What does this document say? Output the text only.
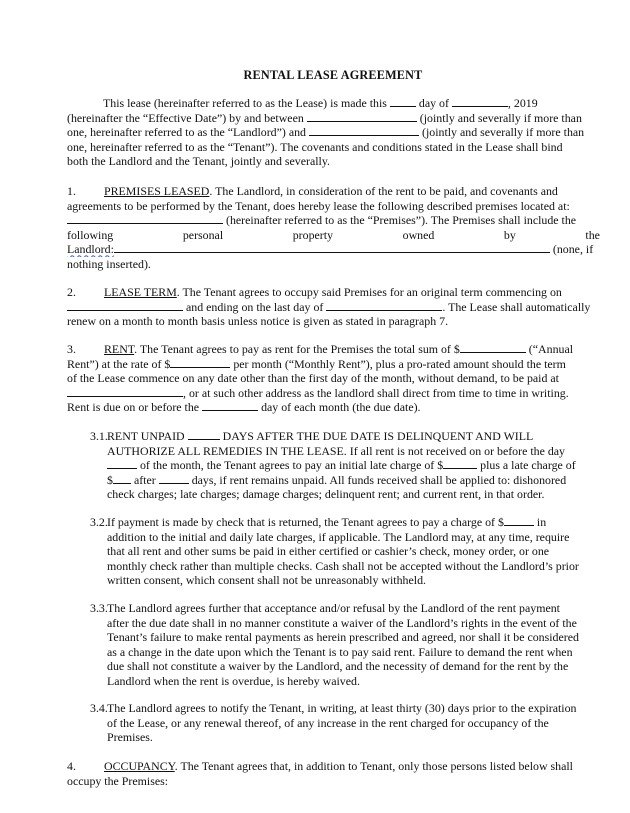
RENTAL LEASE AGREEMENT
This lease (hereinafter referred to as the Lease) is made this	day of	, 2019
(hereinafter the “Effective Date”) by and between	(jointly and severally if more than
one, hereinafter referred to as the “Landlord”) and	(jointly and severally if more than
one, hereinafter referred to as the “Tenant”). The covenants and conditions stated in the Lease shall bind
both the Landlord and the Tenant, jointly and severally.
1. PREMISES LEASED. The Landlord, in consideration of the rent to be paid, and covenants and
agreements to be performed by the Tenant, does hereby lease the following described premises located at:
(hereinafter referred to as the “Premises”). The Premises shall include the
following	personal	property	owned	by	the
Landlord:	(none, if
nothing inserted).
2. LEASE TERM. The Tenant agrees to occupy said Premises for an original term commencing on
and ending on the last day of	. The Lease shall automatically
renew on a month to month basis unless notice is given as stated in paragraph 7.
3. RENT. The Tenant agrees to pay as rent for the Premises the total sum of $	(“Annual
Rent”) at the rate of $	per month (“Monthly Rent”), plus a pro-rated amount should the term
of the Lease commence on any date other than the first day of the month, without demand, to be paid at
, or at such other address as the landlord shall direct from time to time in writing.
Rent is due on or before the	day of each month (the due date).
3.1. RENT UNPAID	DAYS AFTER THE DUE DATE IS DELINQUENT AND WILL
AUTHORIZE ALL REMEDIES IN THE LEASE. If all rent is not received on or before the day
of the month, the Tenant agrees to pay an initial late charge of $	plus a late charge of
$ after	days, if rent remains unpaid. All funds received shall be applied to: dishonored
check charges; late charges; damage charges; delinquent rent; and current rent, in that order.
3.2. If payment is made by check that is returned, the Tenant agrees to pay a charge of $	in
addition to the initial and daily late charges, if applicable. The Landlord may, at any time, require
that all rent and other sums be paid in either certified or cashier’s check, money order, or one
monthly check rather than multiple checks. Cash shall not be accepted without the Landlord’s prior
written consent, which consent shall not be unreasonably withheld.
3.3. The Landlord agrees further that acceptance and/or refusal by the Landlord of the rent payment
after the due date shall in no manner constitute a waiver of the Landlord’s rights in the event of the
Tenant’s failure to make rental payments as herein prescribed and agreed, nor shall it be considered
as a change in the date upon which the Tenant is to pay said rent. Failure to demand the rent when
due shall not constitute a waiver by the Landlord, and the necessity of demand for the rent by the
Landlord when the rent is overdue, is hereby waived.
3.4. The Landlord agrees to notify the Tenant, in writing, at least thirty (30) days prior to the expiration
of the Lease, or any renewal thereof, of any increase in the rent charged for occupancy of the
Premises.
4. OCCUPANCY. The Tenant agrees that, in addition to Tenant, only those persons listed below shall
occupy the Premises:
